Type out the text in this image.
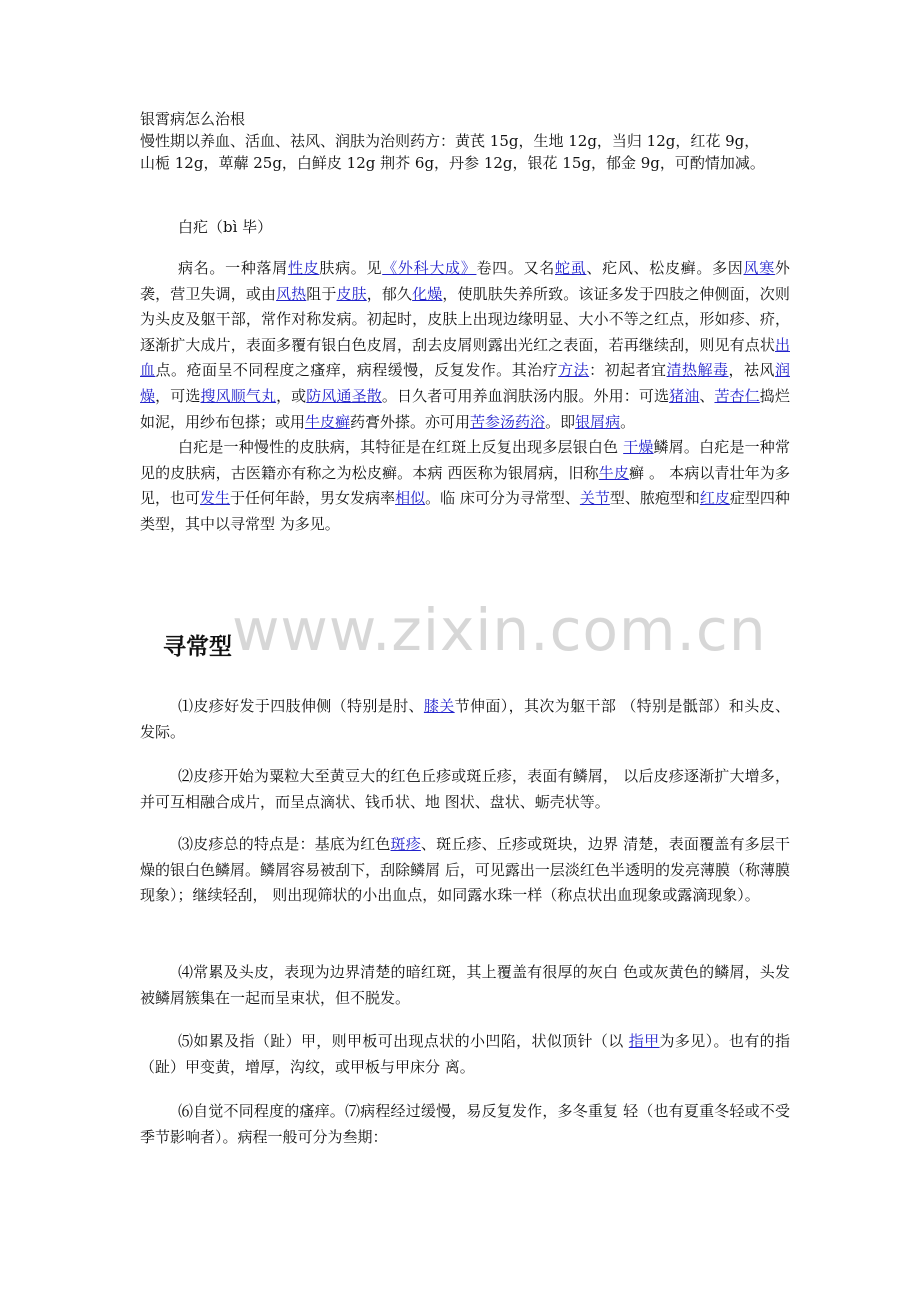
www.zixin.com.cn

银霄病怎么治根

慢性期以养血、活血、祛风、润肤为治则药方：黄芪 15g，生地 12g，当归 12g，红花 9g，

山栀 12g，萆薢 25g，白鲜皮 12g 荆芥 6g，丹参 12g，银花 15g，郁金 9g，可酌情加减。

白疕（bì 毕）

病名。一种落屑性皮肤病。见《外科大成》卷四。又名蛇虱、疕风、松皮癣。多因风寒外袭，营卫失调，或由风热阻于皮肤，郁久化燥，使肌肤失养所致。该证多发于四肢之伸侧面，次则为头皮及躯干部，常作对称发病。初起时，皮肤上出现边缘明显、大小不等之红点，形如疹、疥，逐渐扩大成片，表面多覆有银白色皮屑，刮去皮屑则露出光红之表面，若再继续刮，则见有点状出血点。疮面呈不同程度之瘙痒，病程缓慢，反复发作。其治疗方法：初起者宜清热解毒，祛风润燥，可选搜风顺气丸，或防风通圣散。日久者可用养血润肤汤内服。外用：可选猪油、苦杏仁捣烂如泥，用纱布包搽；或用牛皮癣药膏外搽。亦可用苦参汤药浴。即银屑病。

白疕是一种慢性的皮肤病，其特征是在红斑上反复出现多层银白色 干燥鳞屑。白疕是一种常见的皮肤病，古医籍亦有称之为松皮癣。本病 西医称为银屑病，旧称牛皮癣 。 本病以青壮年为多见，也可发生于任何年龄，男女发病率相似。临 床可分为寻常型、关节型、脓疱型和红皮症型四种类型，其中以寻常型 为多见。

寻常型

⑴皮疹好发于四肢伸侧（特别是肘、膝关节伸面），其次为躯干部 （特别是骶部）和头皮、发际。

⑵皮疹开始为粟粒大至黄豆大的红色丘疹或斑丘疹，表面有鳞屑， 以后皮疹逐渐扩大增多，并可互相融合成片，而呈点滴状、钱币状、地 图状、盘状、蛎壳状等。

⑶皮疹总的特点是：基底为红色斑疹、斑丘疹、丘疹或斑块，边界 清楚，表面覆盖有多层干燥的银白色鳞屑。鳞屑容易被刮下，刮除鳞屑 后，可见露出一层淡红色半透明的发亮薄膜（称薄膜现象）；继续轻刮， 则出现筛状的小出血点，如同露水珠一样（称点状出血现象或露滴现象）。

⑷常累及头皮，表现为边界清楚的暗红斑，其上覆盖有很厚的灰白 色或灰黄色的鳞屑，头发被鳞屑簇集在一起而呈束状，但不脱发。

⑸如累及指（趾）甲，则甲板可出现点状的小凹陷，状似顶针（以 指甲为多见）。也有的指（趾）甲变黄，增厚，沟纹，或甲板与甲床分 离。

⑹自觉不同程度的瘙痒。⑺病程经过缓慢，易反复发作，多冬重复 轻（也有夏重冬轻或不受季节影响者）。病程一般可分为叁期：
